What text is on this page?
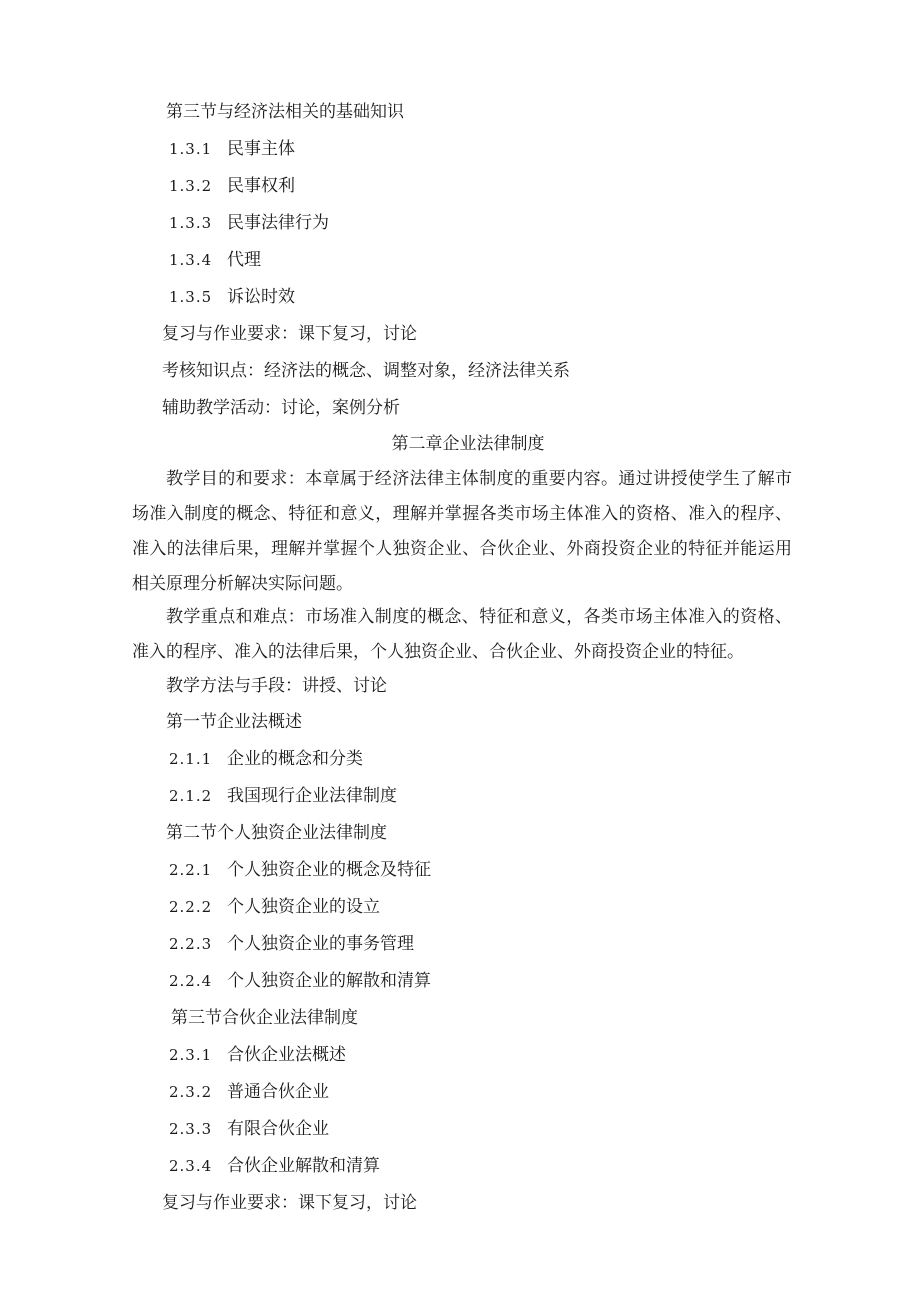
第三节与经济法相关的基础知识
1.3.1 民事主体
1.3.2 民事权利
1.3.3 民事法律行为
1.3.4 代理
1.3.5 诉讼时效
复习与作业要求：课下复习，讨论
考核知识点：经济法的概念、调整对象，经济法律关系
辅助教学活动：讨论，案例分析
第二章企业法律制度
教学目的和要求：本章属于经济法律主体制度的重要内容。通过讲授使学生了解市场准入制度的概念、特征和意义，理解并掌握各类市场主体准入的资格、准入的程序、准入的法律后果，理解并掌握个人独资企业、合伙企业、外商投资企业的特征并能运用相关原理分析解决实际问题。
教学重点和难点：市场准入制度的概念、特征和意义，各类市场主体准入的资格、准入的程序、准入的法律后果，个人独资企业、合伙企业、外商投资企业的特征。
教学方法与手段：讲授、讨论
第一节企业法概述
2.1.1 企业的概念和分类
2.1.2 我国现行企业法律制度
第二节个人独资企业法律制度
2.2.1 个人独资企业的概念及特征
2.2.2 个人独资企业的设立
2.2.3 个人独资企业的事务管理
2.2.4 个人独资企业的解散和清算
第三节合伙企业法律制度
2.3.1 合伙企业法概述
2.3.2 普通合伙企业
2.3.3 有限合伙企业
2.3.4 合伙企业解散和清算
复习与作业要求：课下复习，讨论
